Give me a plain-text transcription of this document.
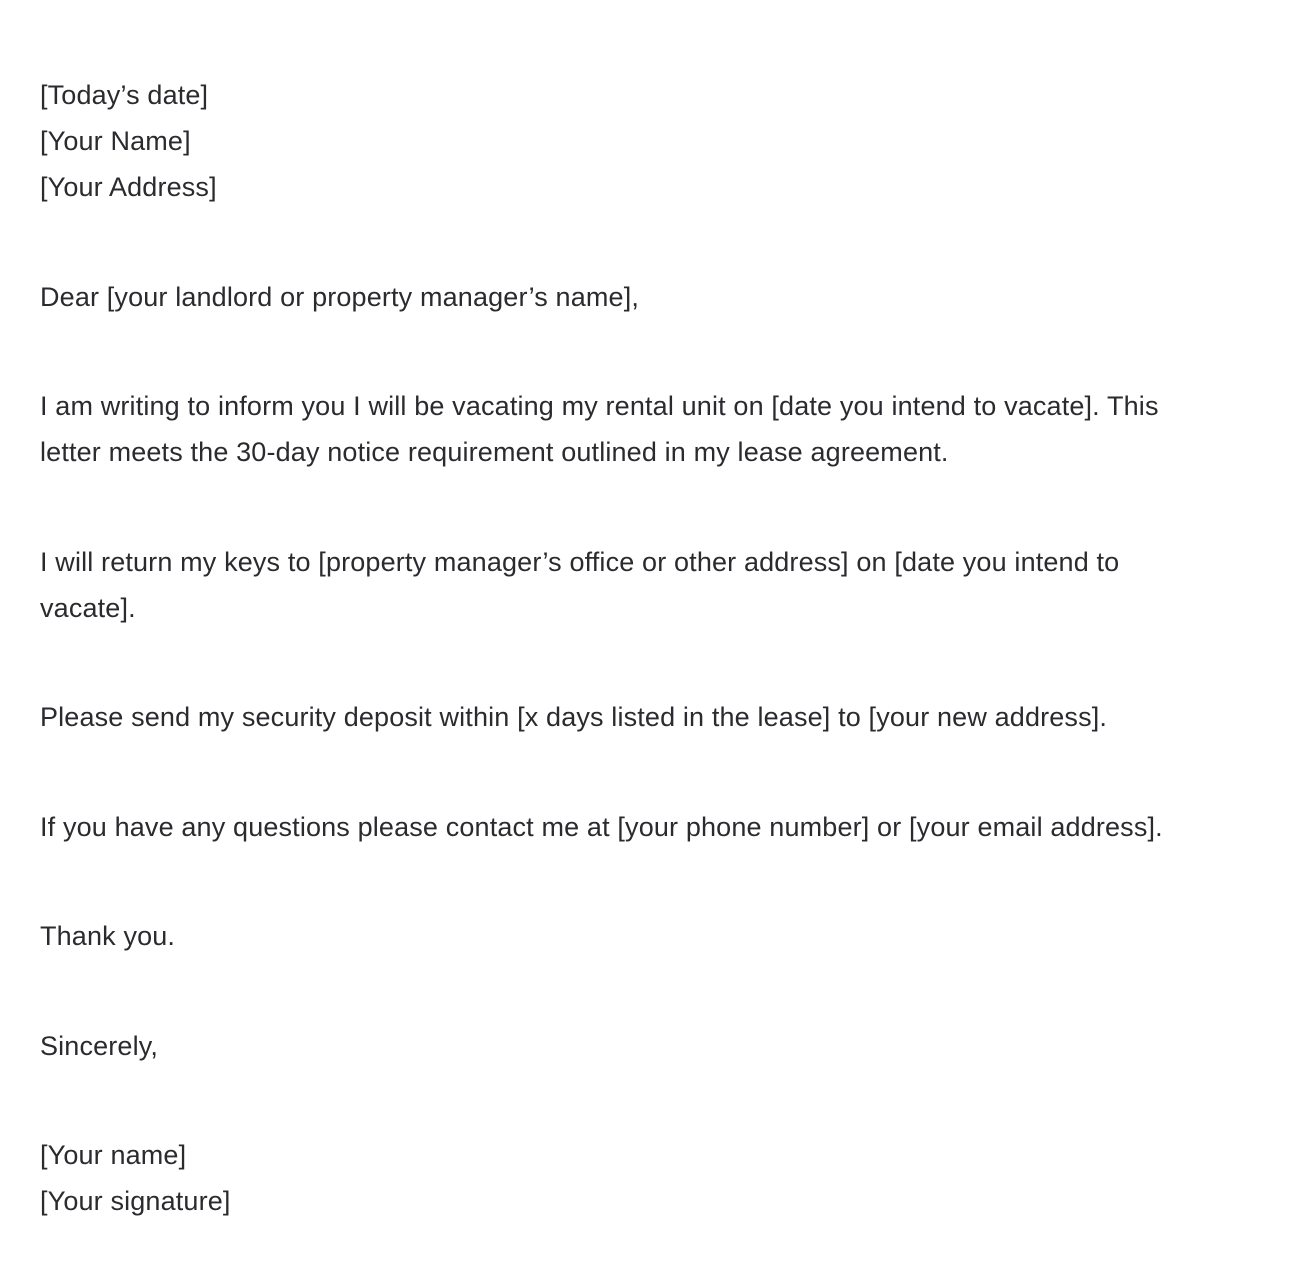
[Today’s date]
[Your Name]
[Your Address]
Dear [your landlord or property manager’s name],
I am writing to inform you I will be vacating my rental unit on [date you intend to vacate]. This
letter meets the 30-day notice requirement outlined in my lease agreement.
I will return my keys to [property manager’s office or other address] on [date you intend to
vacate].
Please send my security deposit within [x days listed in the lease] to [your new address].
If you have any questions please contact me at [your phone number] or [your email address].
Thank you.
Sincerely,
[Your name]
[Your signature]
